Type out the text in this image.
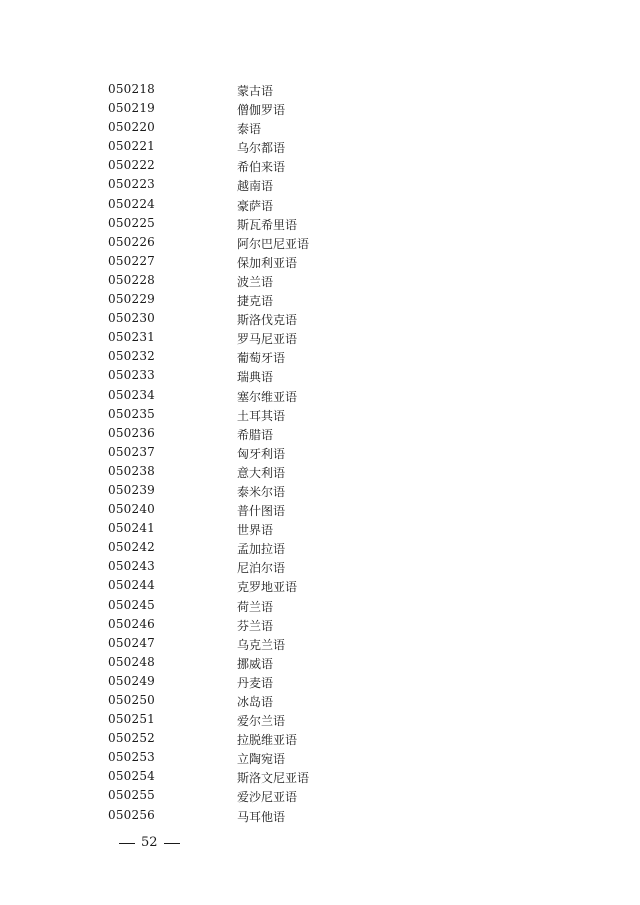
050218	蒙古语
050219	僧伽罗语
050220	泰语
050221	乌尔都语
050222	希伯来语
050223	越南语
050224	豪萨语
050225	斯瓦希里语
050226	阿尔巴尼亚语
050227	保加利亚语
050228	波兰语
050229	捷克语
050230	斯洛伐克语
050231	罗马尼亚语
050232	葡萄牙语
050233	瑞典语
050234	塞尔维亚语
050235	土耳其语
050236	希腊语
050237	匈牙利语
050238	意大利语
050239	泰米尔语
050240	普什图语
050241	世界语
050242	孟加拉语
050243	尼泊尔语
050244	克罗地亚语
050245	荷兰语
050246	芬兰语
050247	乌克兰语
050248	挪威语
050249	丹麦语
050250	冰岛语
050251	爱尔兰语
050252	拉脱维亚语
050253	立陶宛语
050254	斯洛文尼亚语
050255	爱沙尼亚语
050256	马耳他语
52
